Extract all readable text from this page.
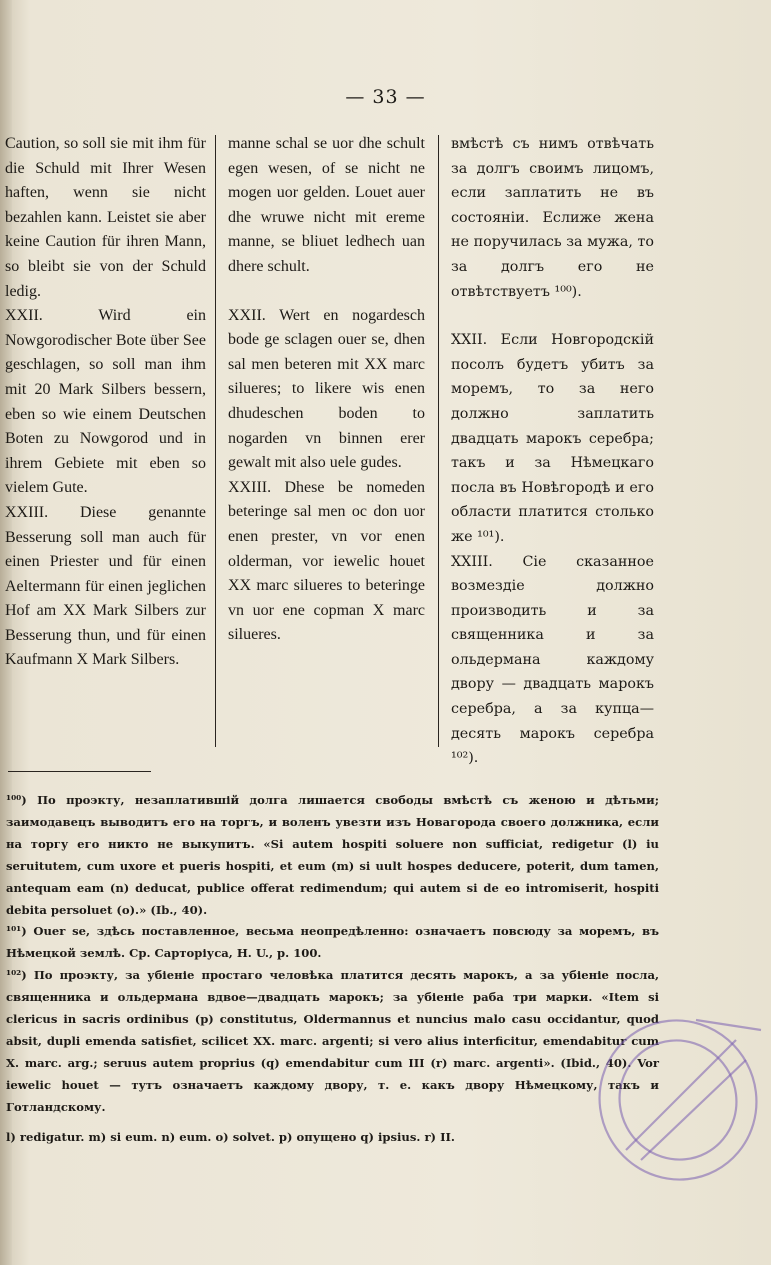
— 33 —

Caution, so soll sie mit ihm für die Schuld mit Ihrer Wesen haften, wenn sie nicht bezahlen kann. Leistet sie aber keine Caution für ihren Mann, so bleibt sie von der Schuld ledig.

XXII. Wird ein Nowgorodischer Bote über See geschlagen, so soll man ihm mit 20 Mark Silbers bessern, eben so wie einem Deutschen Boten zu Nowgorod und in ihrem Gebiete mit eben so vielem Gute.

XXIII. Diese genannte Besserung soll man auch für einen Priester und für einen Aeltermann für einen jeglichen Hof am XX Mark Silbers zur Besserung thun, und für einen Kaufmann X Mark Silbers.

manne schal se uor dhe schult egen wesen, of se nicht ne mogen uor gelden. Louet auer dhe wruwe nicht mit ereme manne, se bliuet ledhech uan dhere schult.

XXII. Wert en nogardesch bode ge sclagen ouer se, dhen sal men beteren mit XX marc silueres; to likere wis enen dhudeschen boden to nogarden vn binnen erer gewalt mit also uele gudes.

XXIII. Dhese be nomeden beteringe sal men oc don uor enen prester, vn vor enen olderman, vor iewelic houet XX marc silueres to beteringe vn uor ene copman X marc silueres.

вмѣстѣ съ нимъ отвѣчать за долгъ своимъ лицомъ, если заплатить не въ состояніи. Еслиже жена не поручилась за мужа, то за долгъ его не отвѣтствуетъ ¹⁰⁰).

XXII. Если Новгородскій посолъ будетъ убитъ за моремъ, то за него должно заплатить двадцать марокъ серебра; такъ и за Нѣмецкаго посла въ Новѣгородѣ и его области платится столько же ¹⁰¹).

XXIII. Сіе сказанное возмездіе должно производить и за священника и за ольдермана каждому двору — двадцать марокъ серебра, а за купца—десять марокъ серебра ¹⁰²).

¹⁰⁰) По проэкту, незаплатившій долга лишается свободы вмѣстѣ съ женою и дѣтьми; заимодавецъ выводитъ его на торгъ, и воленъ увезти изъ Новагорода своего должника, если на торгу его никто не выкупитъ. «Si autem hospiti soluere non sufficiat, redigetur (l) iu seruitutem, cum uxore et pueris hospiti, et eum (m) si uult hospes deducere, poterit, dum tamen, antequam eam (n) deducat, publice offerat redimendum; qui autem si de eo intromiserit, hospiti debita persoluet (o).» (Ib., 40).

¹⁰¹) Ouer se, здѣсь поставленное, весьма неопредѣленно: означаетъ повсюду за моремъ, въ Нѣмецкой землѣ. Ср. Сарторіуса, H. U., p. 100.

¹⁰²) По проэкту, за убіеніе простаго человѣка платится десять марокъ, а за убіеніе посла, священника и ольдермана вдвое—двадцать марокъ; за убіеніе раба три марки. «Item si clericus in sacris ordinibus (p) constitutus, Oldermannus et nuncius malo casu occidantur, quod absit, dupli emenda satisfiet, scilicet XX. marc. argenti; si vero alius interficitur, emendabitur cum X. marc. arg.; seruus autem proprius (q) emendabitur cum III (r) marc. argenti». (Ibid., 40). Vor iewelic houet — тутъ означаетъ каждому двору, т. е. какъ двору Нѣмецкому, такъ и Готландскому.

l) redigatur. m) si eum. n) eum. o) solvet. p) опущено q) ipsius. r) II.
